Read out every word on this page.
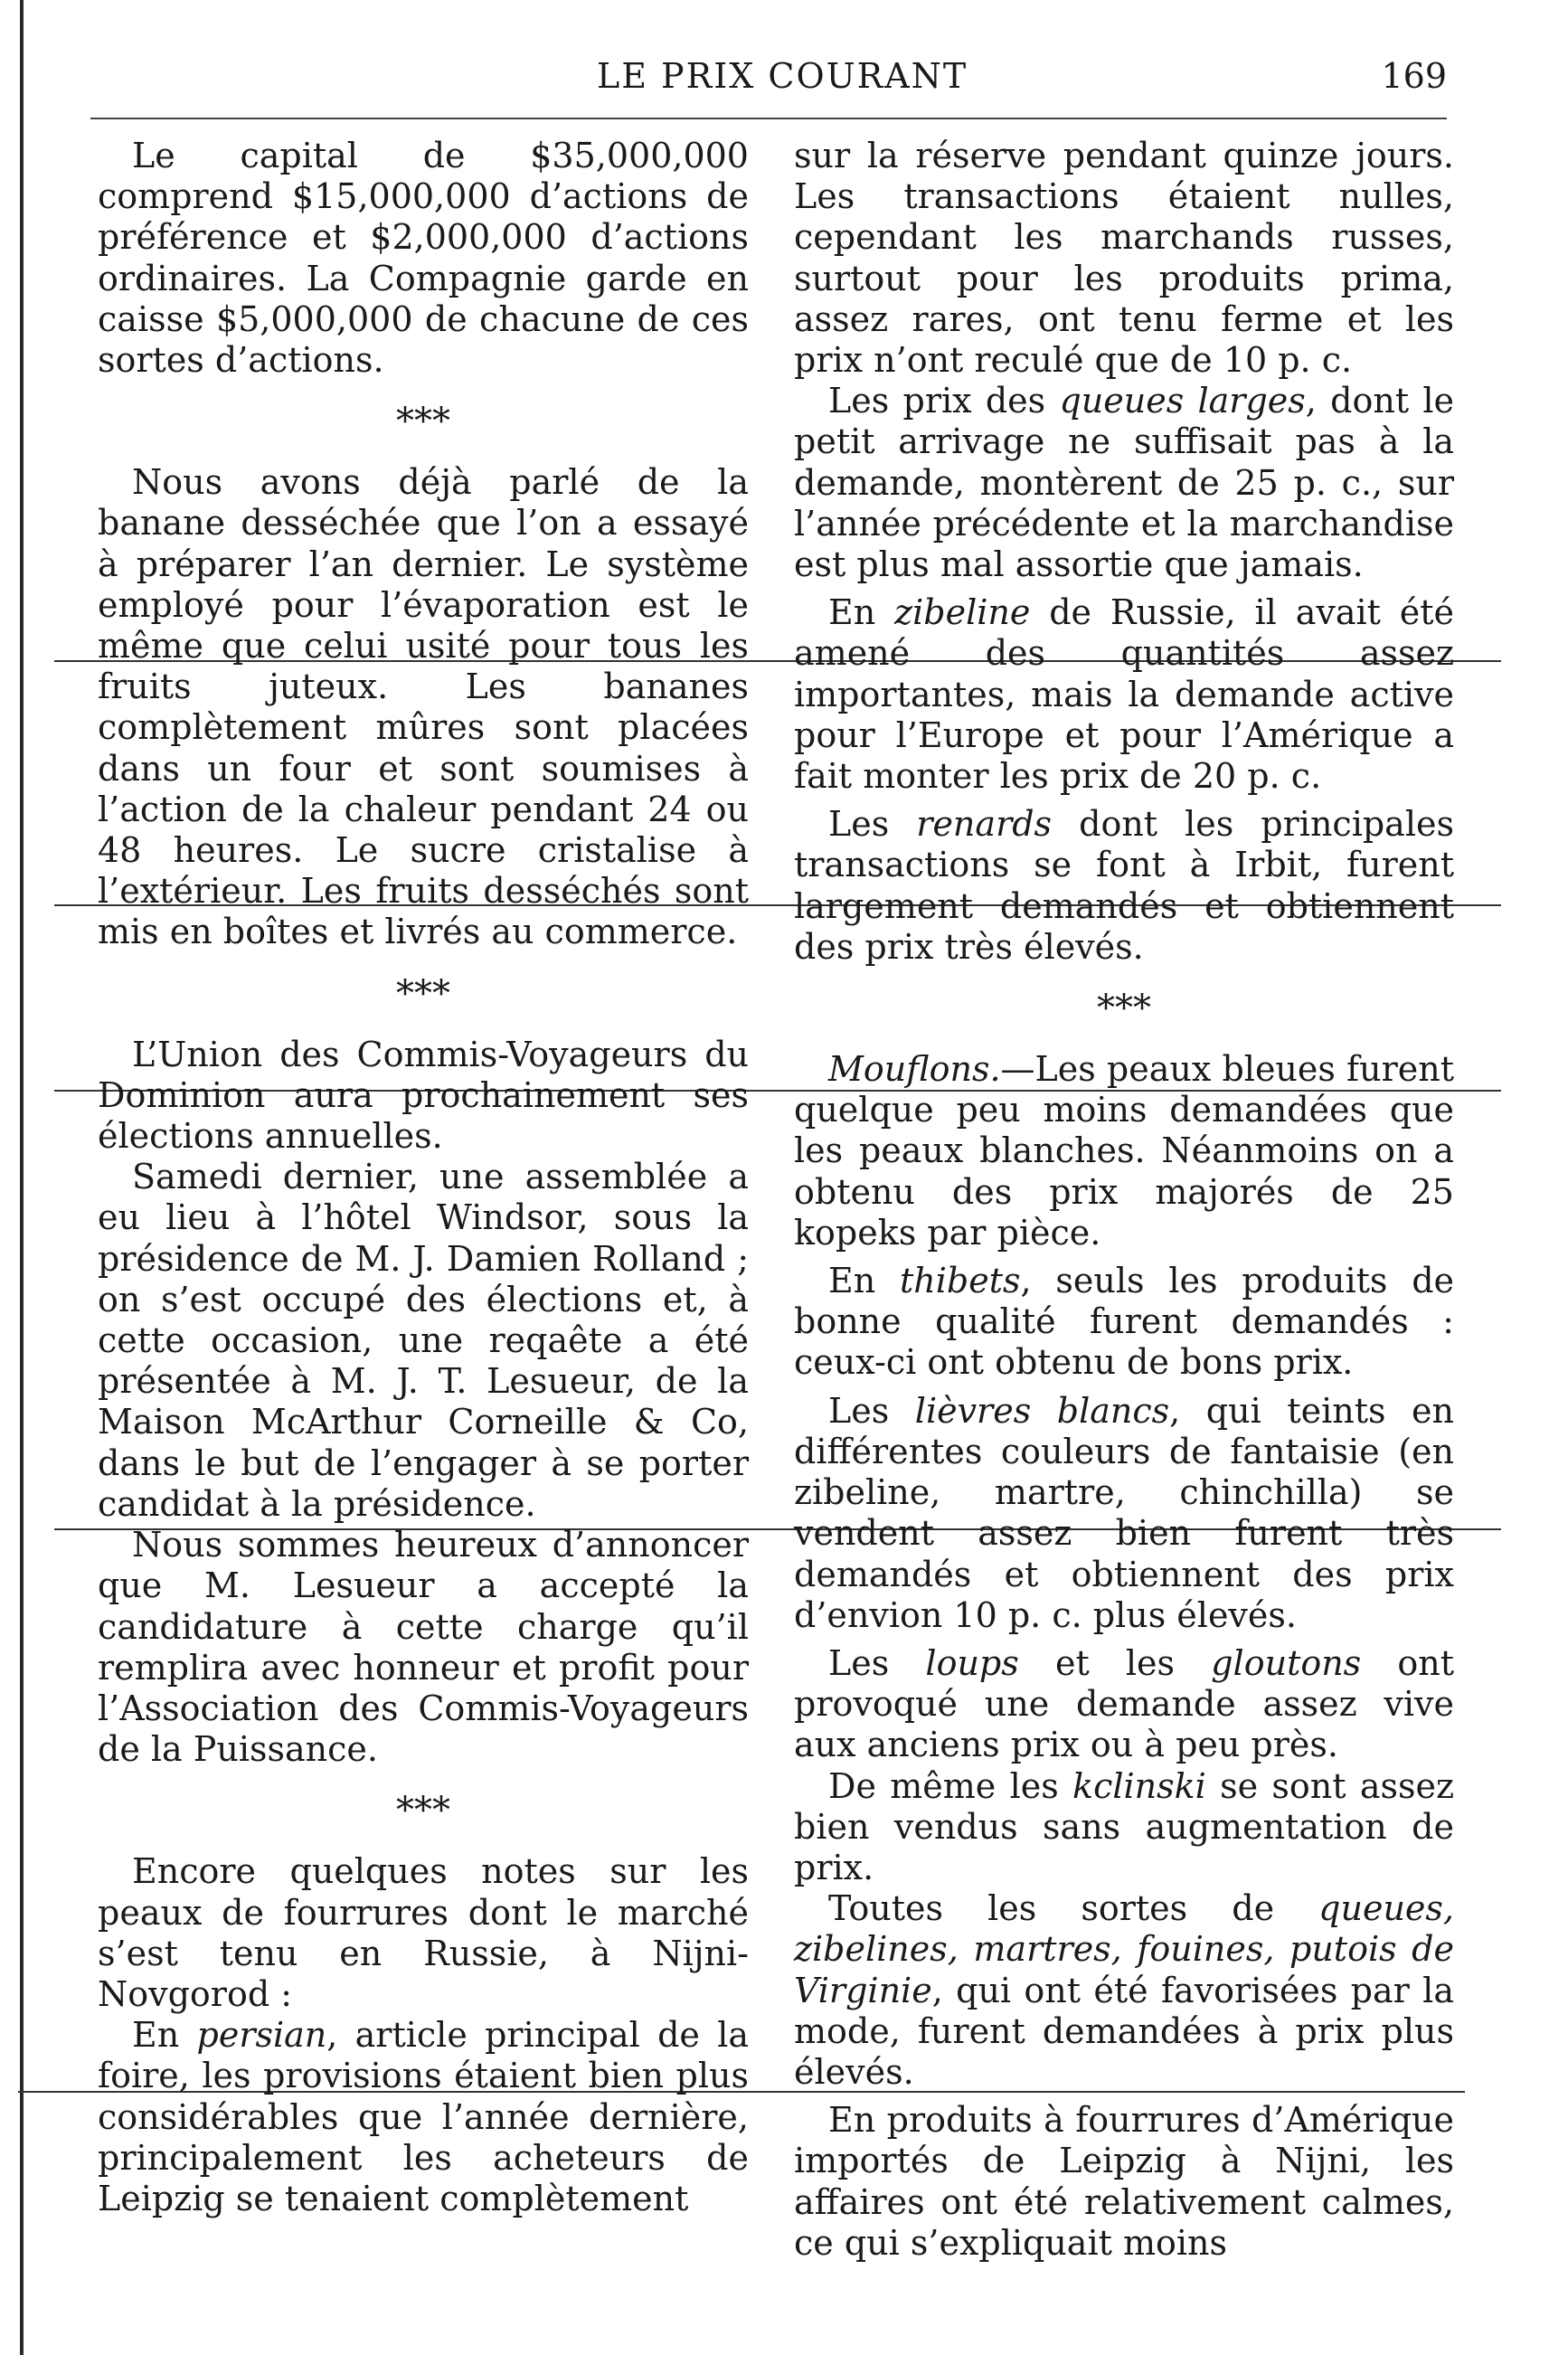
LE PRIX COURANT	169

Le capital de $35,000,000 comprend $15,000,000 d’actions de préférence et $2,000,000 d’actions ordinaires. La Compagnie garde en caisse $5,000,000 de chacune de ces sortes d’actions.

***

Nous avons déjà parlé de la banane desséchée que l’on a essayé à préparer l’an dernier. Le système employé pour l’évaporation est le même que celui usité pour tous les fruits juteux. Les bananes complètement mûres sont placées dans un four et sont soumises à l’action de la chaleur pendant 24 ou 48 heures. Le sucre cristalise à l’extérieur. Les fruits desséchés sont mis en boîtes et livrés au commerce.

***

L’Union des Commis-Voyageurs du Dominion aura prochainement ses élections annuelles.

Samedi dernier, une assemblée a eu lieu à l’hôtel Windsor, sous la présidence de M. J. Damien Rolland ; on s’est occupé des élections et, à cette occasion, une reqaête a été présentée à M. J. T. Lesueur, de la Maison McArthur Corneille & Co, dans le but de l’engager à se porter candidat à la présidence.

Nous sommes heureux d’annoncer que M. Lesueur a accepté la candidature à cette charge qu’il remplira avec honneur et profit pour l’Association des Commis-Voyageurs de la Puissance.

***

Encore quelques notes sur les peaux de fourrures dont le marché s’est tenu en Russie, à Nijni-Novgorod :

En persian, article principal de la foire, les provisions étaient bien plus considérables que l’année dernière, principalement les acheteurs de Leipzig se tenaient complètement

sur la réserve pendant quinze jours. Les transactions étaient nulles, cependant les marchands russes, surtout pour les produits prima, assez rares, ont tenu ferme et les prix n’ont reculé que de 10 p. c.

Les prix des queues larges, dont le petit arrivage ne suffisait pas à la demande, montèrent de 25 p. c., sur l’année précédente et la marchandise est plus mal assortie que jamais.

En zibeline de Russie, il avait été amené des quantités assez importantes, mais la demande active pour l’Europe et pour l’Amérique a fait monter les prix de 20 p. c.

Les renards dont les principales transactions se font à Irbit, furent largement demandés et obtiennent des prix très élevés.

***

Mouflons.—Les peaux bleues furent quelque peu moins demandées que les peaux blanches. Néanmoins on a obtenu des prix majorés de 25 kopeks par pièce.

En thibets, seuls les produits de bonne qualité furent demandés : ceux-ci ont obtenu de bons prix.

Les lièvres blancs, qui teints en différentes couleurs de fantaisie (en zibeline, martre, chinchilla) se vendent assez bien furent très demandés et obtiennent des prix d’envion 10 p. c. plus élevés.

Les loups et les gloutons ont provoqué une demande assez vive aux anciens prix ou à peu près.

De même les kclinski se sont assez bien vendus sans augmentation de prix.

Toutes les sortes de queues, zibelines, martres, fouines, putois de Virginie, qui ont été favorisées par la mode, furent demandées à prix plus élevés.

En produits à fourrures d’Amérique importés de Leipzig à Nijni, les affaires ont été relativement calmes, ce qui s’expliquait moins
